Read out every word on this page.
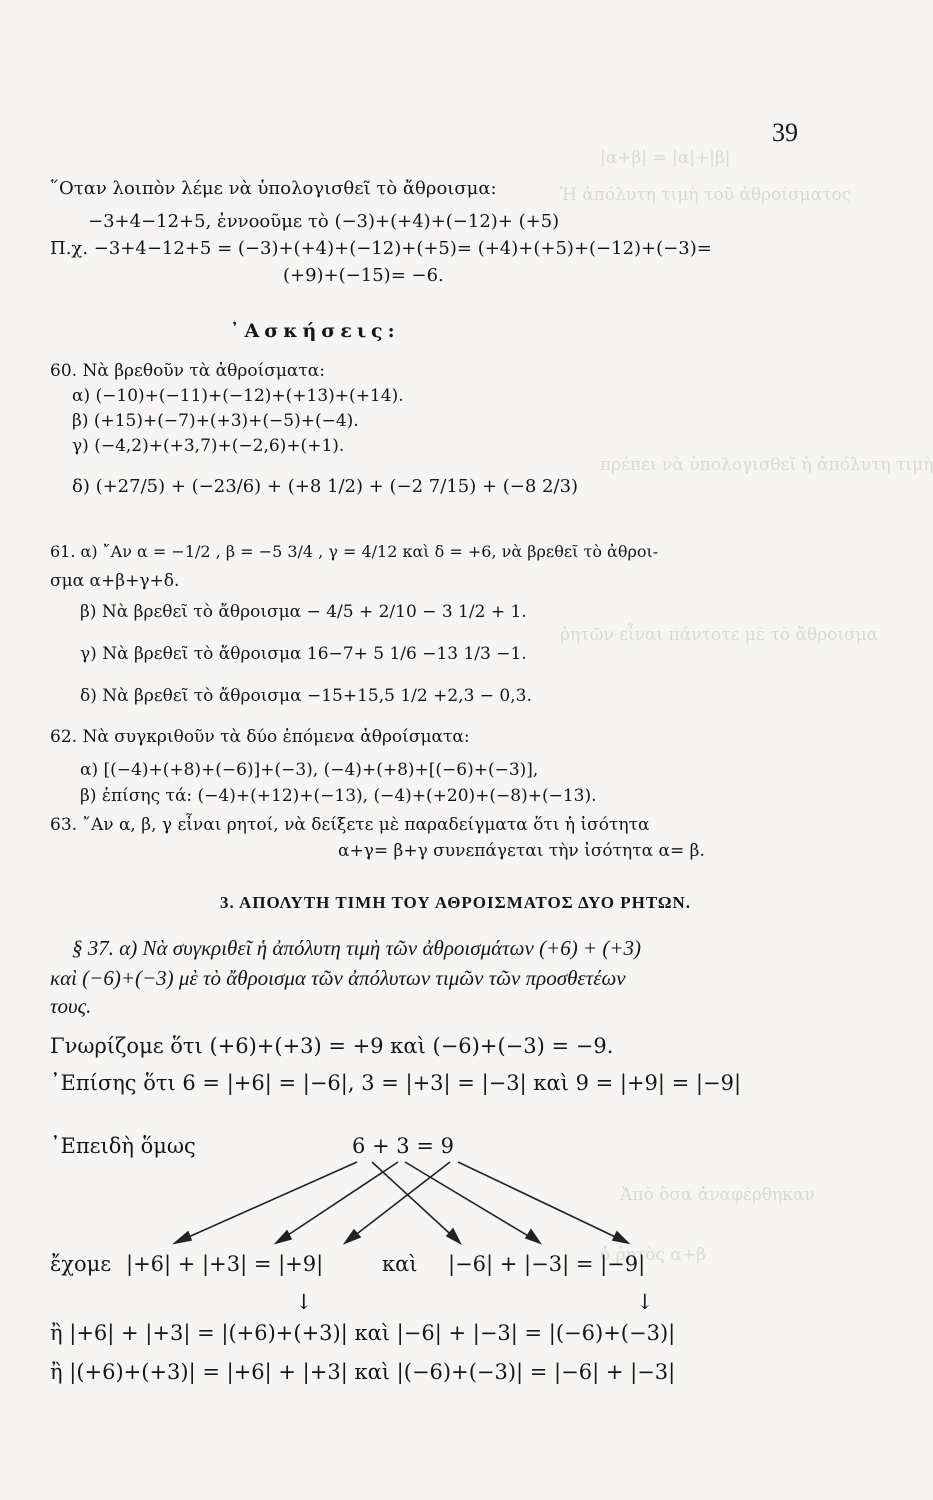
|α+β| = |α|+|β|
Ἡ ἀπόλυτη τιμὴ τοῦ ἀθροίσματος
πρέπει νὰ ὑπολογισθεῖ ἡ ἀπόλυτη τιμὴ
ῥητῶν εἶναι πάντοτε μὲ τὸ ἄθροισμα
Ἀπὸ ὅσα ἀναφέρθηκαν
ὁ ῥητὸς α+β
39
῞Οταν λοιπὸν λέμε νὰ ὑπολογισθεῖ τὸ ἄθροισμα:
−3+4−12+5, ἐννοοῦμε τὸ (−3)+(+4)+(−12)+ (+5)
Π.χ. −3+4−12+5 = (−3)+(+4)+(−12)+(+5)= (+4)+(+5)+(−12)+(−3)=
(+9)+(−15)= −6.
᾿Ασκήσεις:
60. Νὰ βρεθοῦν τὰ ἀθροίσματα:
α) (−10)+(−11)+(−12)+(+13)+(+14).
β) (+15)+(−7)+(+3)+(−5)+(−4).
γ) (−4,2)+(+3,7)+(−2,6)+(+1).
δ) (+27/5) + (−23/6) + (+8 1/2) + (−2 7/15) + (−8 2/3)
61. α) ῎Αν α = −1/2 , β = −5 3/4 , γ = 4/12 καὶ δ = +6, νὰ βρεθεῖ τὸ ἀθροι-
σμα α+β+γ+δ.
β) Νὰ βρεθεῖ τὸ ἄθροισμα − 4/5 + 2/10 − 3 1/2 + 1.
γ) Νὰ βρεθεῖ τὸ ἄθροισμα 16−7+ 5 1/6 −13 1/3 −1.
δ) Νὰ βρεθεῖ τὸ ἄθροισμα −15+15,5 1/2 +2,3 − 0,3.
62. Νὰ συγκριθοῦν τὰ δύο ἑπόμενα ἀθροίσματα:
α) [(−4)+(+8)+(−6)]+(−3), (−4)+(+8)+[(−6)+(−3)],
β) ἐπίσης τά: (−4)+(+12)+(−13), (−4)+(+20)+(−8)+(−13).
63. ῎Αν α, β, γ εἶναι ρητοί, νὰ δείξετε μὲ παραδείγματα ὅτι ἡ ἰσότητα
α+γ= β+γ συνεπάγεται τὴν ἰσότητα α= β.
3. ΑΠΟΛΥΤΗ ΤΙΜΗ ΤΟΥ ΑΘΡΟΙΣΜΑΤΟΣ ΔΥΟ ΡΗΤΩΝ.
§ 37. α) Νὰ συγκριθεῖ ἡ ἀπόλυτη τιμὴ τῶν ἀθροισμάτων (+6) + (+3)
καὶ (−6)+(−3) μὲ τὸ ἄθροισμα τῶν ἀπόλυτων τιμῶν τῶν προσθετέων
τους.
Γνωρίζομε ὅτι (+6)+(+3) = +9 καὶ (−6)+(−3) = −9.
᾿Επίσης ὅτι 6 = |+6| = |−6|, 3 = |+3| = |−3| καὶ 9 = |+9| = |−9|
᾿Επειδὴ ὅμως	6 + 3 = 9
ἔχομε |+6| + |+3| = |+9|	καὶ |−6| + |−3| = |−9|
↓	↓
ἢ |+6| + |+3| = |(+6)+(+3)| καὶ |−6| + |−3| = |(−6)+(−3)|
ἢ |(+6)+(+3)| = |+6| + |+3| καὶ |(−6)+(−3)| = |−6| + |−3|
